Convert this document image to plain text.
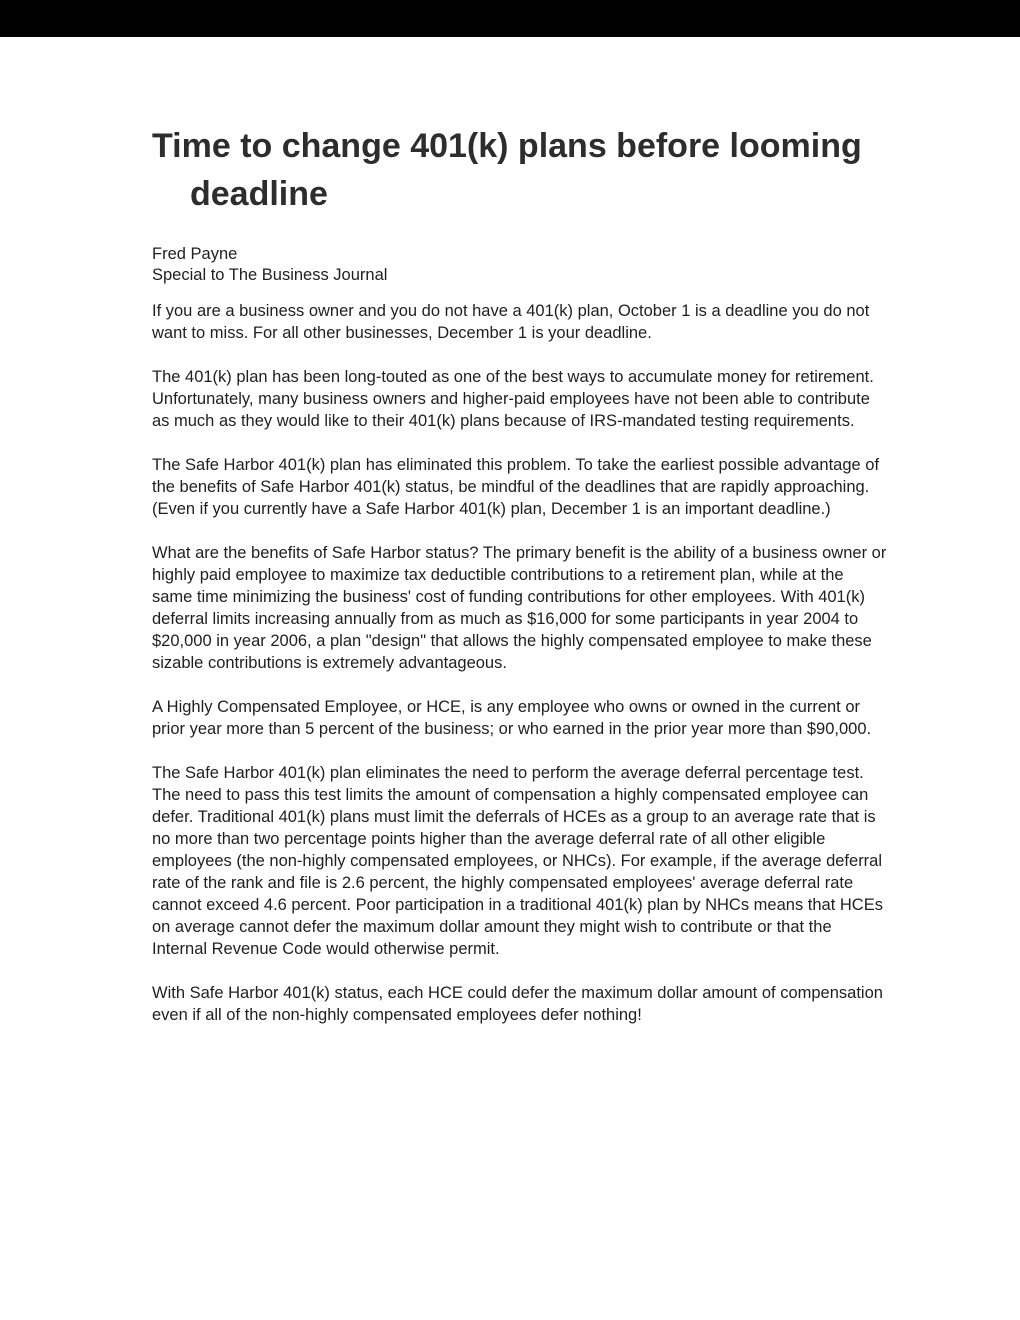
Time to change 401(k) plans before looming deadline

Fred Payne

Special to The Business Journal

If you are a business owner and you do not have a 401(k) plan, October 1 is a deadline you do not want to miss. For all other businesses, December 1 is your deadline.

The 401(k) plan has been long-touted as one of the best ways to accumulate money for retirement. Unfortunately, many business owners and higher-paid employees have not been able to contribute as much as they would like to their 401(k) plans because of IRS-mandated testing requirements.

The Safe Harbor 401(k) plan has eliminated this problem. To take the earliest possible advantage of the benefits of Safe Harbor 401(k) status, be mindful of the deadlines that are rapidly approaching. (Even if you currently have a Safe Harbor 401(k) plan, December 1 is an important deadline.)

What are the benefits of Safe Harbor status? The primary benefit is the ability of a business owner or highly paid employee to maximize tax deductible contributions to a retirement plan, while at the same time minimizing the business' cost of funding contributions for other employees. With 401(k) deferral limits increasing annually from as much as $16,000 for some participants in year 2004 to $20,000 in year 2006, a plan "design" that allows the highly compensated employee to make these sizable contributions is extremely advantageous.

A Highly Compensated Employee, or HCE, is any employee who owns or owned in the current or prior year more than 5 percent of the business; or who earned in the prior year more than $90,000.

The Safe Harbor 401(k) plan eliminates the need to perform the average deferral percentage test. The need to pass this test limits the amount of compensation a highly compensated employee can defer. Traditional 401(k) plans must limit the deferrals of HCEs as a group to an average rate that is no more than two percentage points higher than the average deferral rate of all other eligible employees (the non-highly compensated employees, or NHCs). For example, if the average deferral rate of the rank and file is 2.6 percent, the highly compensated employees' average deferral rate cannot exceed 4.6 percent. Poor participation in a traditional 401(k) plan by NHCs means that HCEs on average cannot defer the maximum dollar amount they might wish to contribute or that the Internal Revenue Code would otherwise permit.

With Safe Harbor 401(k) status, each HCE could defer the maximum dollar amount of compensation even if all of the non-highly compensated employees defer nothing!
